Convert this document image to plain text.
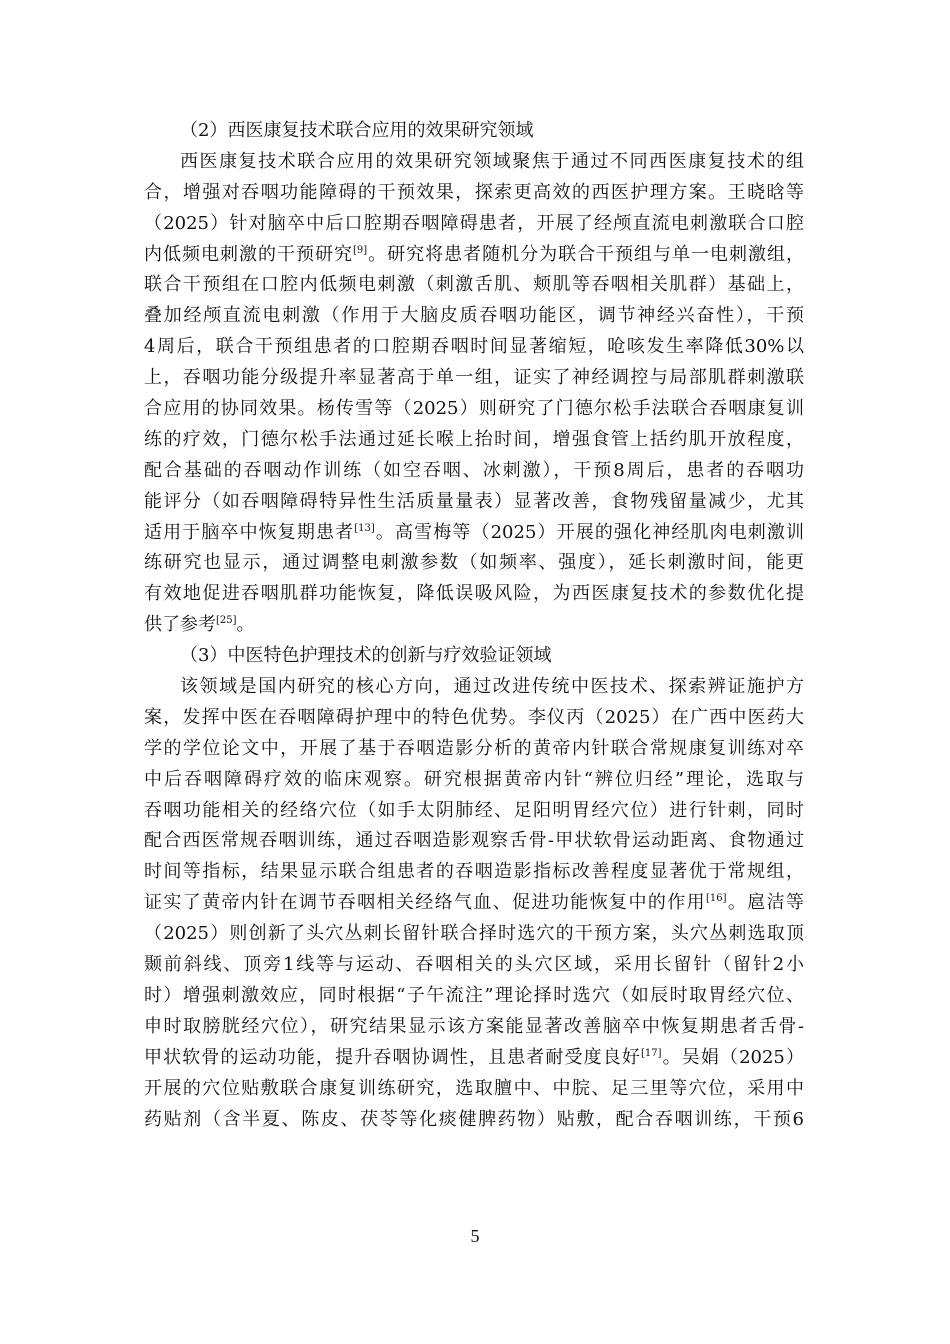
（2）西医康复技术联合应用的效果研究领域
西医康复技术联合应用的效果研究领域聚焦于通过不同西医康复技术的组
合，增强对吞咽功能障碍的干预效果，探索更高效的西医护理方案。王晓晗等
（2025）针对脑卒中后口腔期吞咽障碍患者，开展了经颅直流电刺激联合口腔
内低频电刺激的干预研究[9]。研究将患者随机分为联合干预组与单一电刺激组，
联合干预组在口腔内低频电刺激（刺激舌肌、颊肌等吞咽相关肌群）基础上，
叠加经颅直流电刺激（作用于大脑皮质吞咽功能区，调节神经兴奋性），干预
4周后，联合干预组患者的口腔期吞咽时间显著缩短，呛咳发生率降低30%以
上，吞咽功能分级提升率显著高于单一组，证实了神经调控与局部肌群刺激联
合应用的协同效果。杨传雪等（2025）则研究了门德尔松手法联合吞咽康复训
练的疗效，门德尔松手法通过延长喉上抬时间，增强食管上括约肌开放程度，
配合基础的吞咽动作训练（如空吞咽、冰刺激），干预8周后，患者的吞咽功
能评分（如吞咽障碍特异性生活质量量表）显著改善，食物残留量减少，尤其
适用于脑卒中恢复期患者[13]。高雪梅等（2025）开展的强化神经肌肉电刺激训
练研究也显示，通过调整电刺激参数（如频率、强度），延长刺激时间，能更
有效地促进吞咽肌群功能恢复，降低误吸风险，为西医康复技术的参数优化提
供了参考[25]。
（3）中医特色护理技术的创新与疗效验证领域
该领域是国内研究的核心方向，通过改进传统中医技术、探索辨证施护方
案，发挥中医在吞咽障碍护理中的特色优势。李仪丙（2025）在广西中医药大
学的学位论文中，开展了基于吞咽造影分析的黄帝内针联合常规康复训练对卒
中后吞咽障碍疗效的临床观察。研究根据黄帝内针“辨位归经”理论，选取与
吞咽功能相关的经络穴位（如手太阴肺经、足阳明胃经穴位）进行针刺，同时
配合西医常规吞咽训练，通过吞咽造影观察舌骨-甲状软骨运动距离、食物通过
时间等指标，结果显示联合组患者的吞咽造影指标改善程度显著优于常规组，
证实了黄帝内针在调节吞咽相关经络气血、促进功能恢复中的作用[16]。扈洁等
（2025）则创新了头穴丛刺长留针联合择时选穴的干预方案，头穴丛刺选取顶
颞前斜线、顶旁1线等与运动、吞咽相关的头穴区域，采用长留针（留针2小
时）增强刺激效应，同时根据“子午流注”理论择时选穴（如辰时取胃经穴位、
申时取膀胱经穴位），研究结果显示该方案能显著改善脑卒中恢复期患者舌骨-
甲状软骨的运动功能，提升吞咽协调性，且患者耐受度良好[17]。吴娟（2025）
开展的穴位贴敷联合康复训练研究，选取膻中、中脘、足三里等穴位，采用中
药贴剂（含半夏、陈皮、茯苓等化痰健脾药物）贴敷，配合吞咽训练，干预6
5
